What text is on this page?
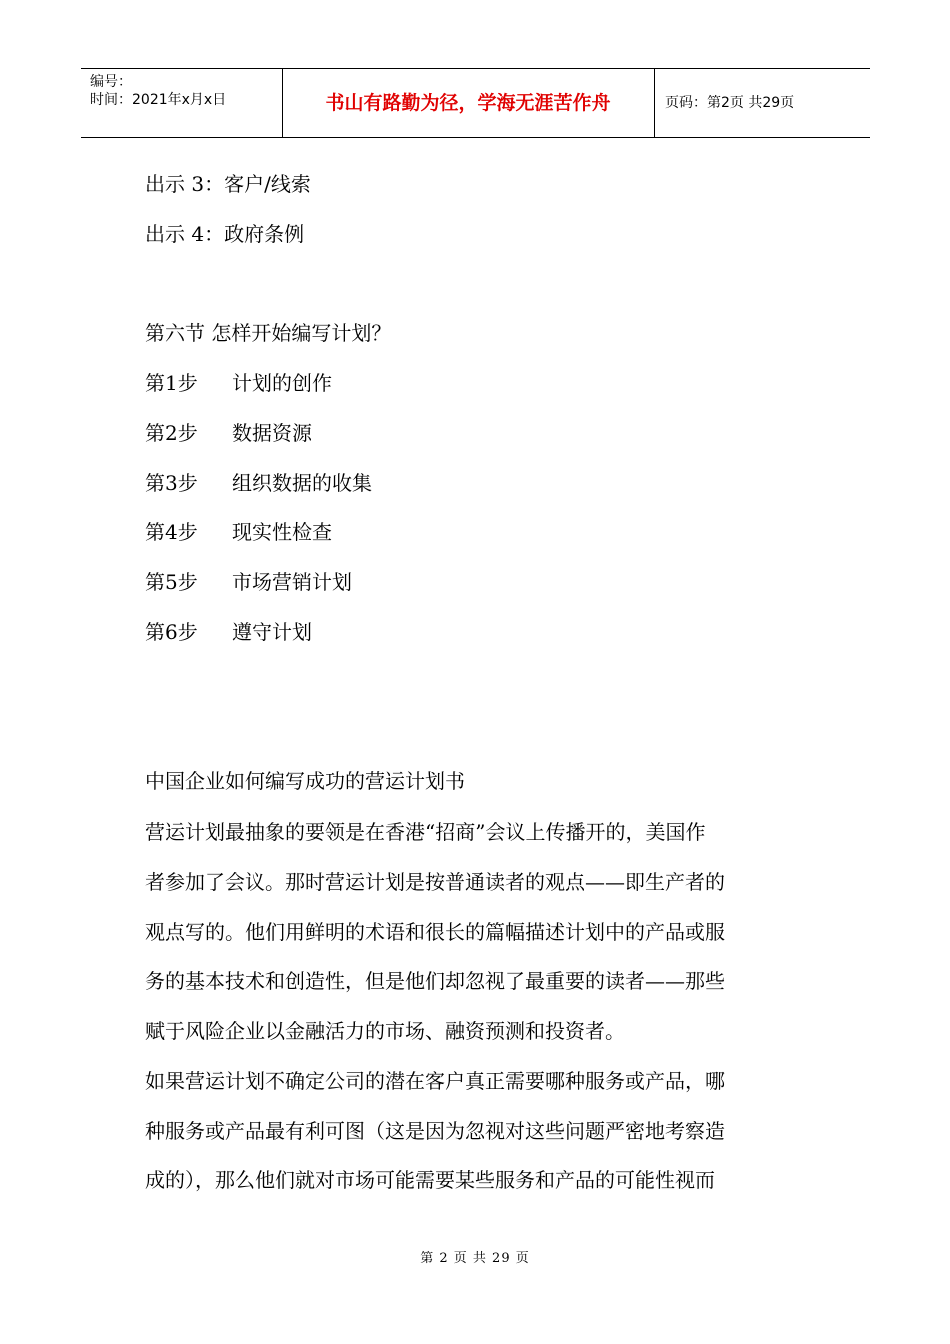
编号：
时间：2021年x月x日	书山有路勤为径，学海无涯苦作舟	页码：第2页 共29页
出示 3：客户/线索
出示 4：政府条例
第六节 怎样开始编写计划？
第1步 计划的创作
第2步 数据资源
第3步 组织数据的收集
第4步 现实性检查
第5步 市场营销计划
第6步 遵守计划
中国企业如何编写成功的营运计划书
营运计划最抽象的要领是在香港“招商”会议上传播开的，美国作
者参加了会议。那时营运计划是按普通读者的观点——即生产者的
观点写的。他们用鲜明的术语和很长的篇幅描述计划中的产品或服
务的基本技术和创造性，但是他们却忽视了最重要的读者——那些
赋于风险企业以金融活力的市场、融资预测和投资者。
如果营运计划不确定公司的潜在客户真正需要哪种服务或产品，哪
种服务或产品最有利可图（这是因为忽视对这些问题严密地考察造
成的），那么他们就对市场可能需要某些服务和产品的可能性视而
第 2 页 共 29 页
